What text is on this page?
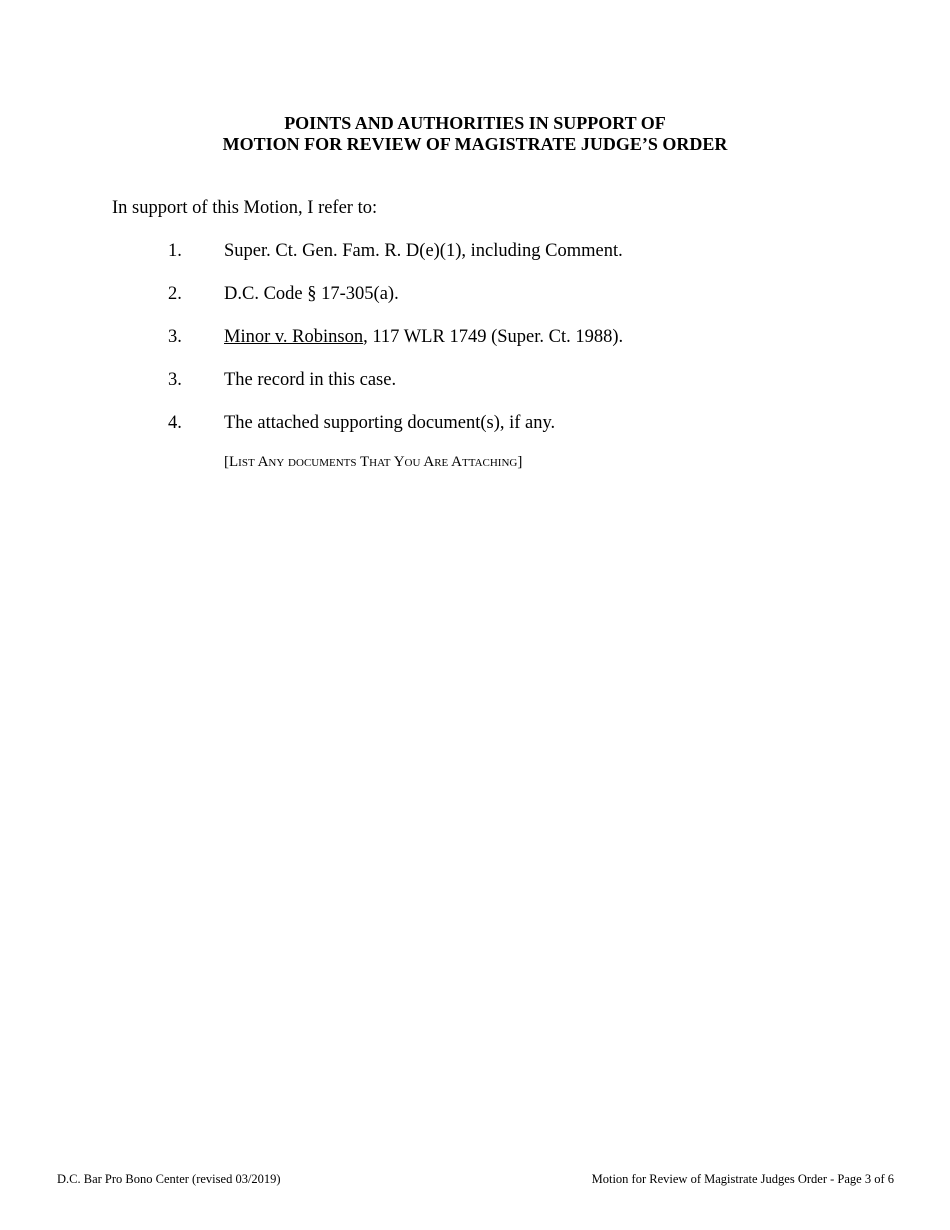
POINTS AND AUTHORITIES IN SUPPORT OF
MOTION FOR REVIEW OF MAGISTRATE JUDGE’S ORDER
In support of this Motion, I refer to:
1. Super. Ct. Gen. Fam. R. D(e)(1), including Comment.
2. D.C. Code § 17-305(a).
3. Minor v. Robinson, 117 WLR 1749 (Super. Ct. 1988).
3. The record in this case.
4. The attached supporting document(s), if any.
[List Any documents That You Are Attaching]
D.C. Bar Pro Bono Center (revised 03/2019)	Motion for Review of Magistrate Judges Order - Page 3 of 6
